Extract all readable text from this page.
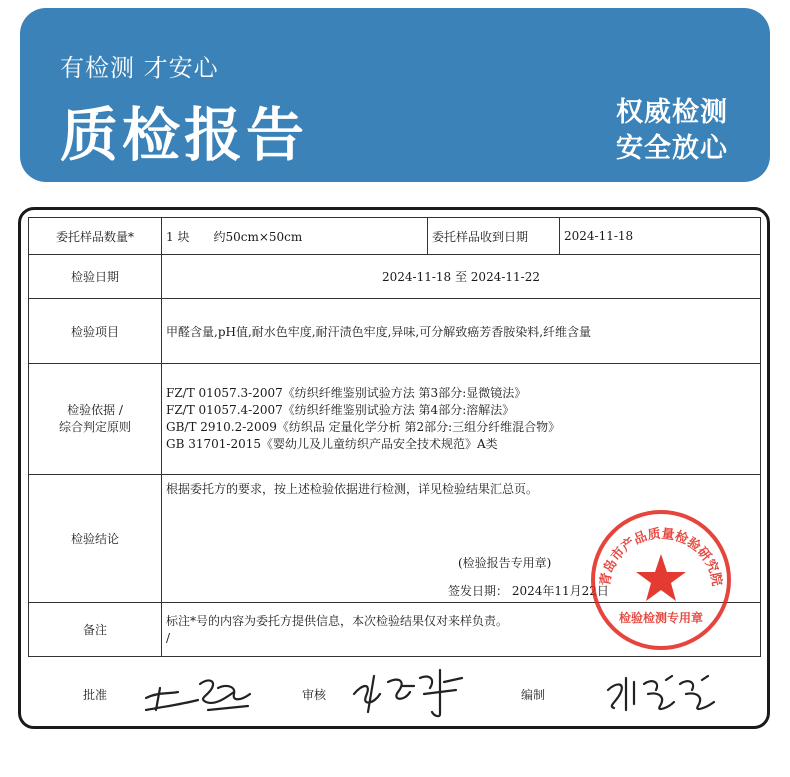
有检测 才安心
质检报告	权威检测
安全放心
委托样品数量*	1 块　　约50cm×50cm	委托样品收到日期	2024-11-18
检验日期	2024-11-18 至 2024-11-22		
检验项目	甲醛含量,pH值,耐水色牢度,耐汗渍色牢度,异味,可分解致癌芳香胺染料,纤维含量		

检验依据 /
综合判定原则	FZ/T 01057.3-2007《纺织纤维鉴别试验方法 第3部分:显微镜法》
FZ/T 01057.4-2007《纺织纤维鉴别试验方法 第4部分:溶解法》
GB/T 2910.2-2009《纺织品 定量化学分析 第2部分:三组分纤维混合物》
GB 31701-2015《婴幼儿及儿童纺织产品安全技术规范》A类		

检验结论	根据委托方的要求，按上述检验依据进行检测，详见检验结果汇总页。
(检验报告专用章)
签发日期： 2024年11月22日		

备注	标注*号的内容为委托方提供信息，本次检验结果仅对来样负责。
/		
青岛市产品质量检验研究院
检验检测专用章
批准	审核	编制
